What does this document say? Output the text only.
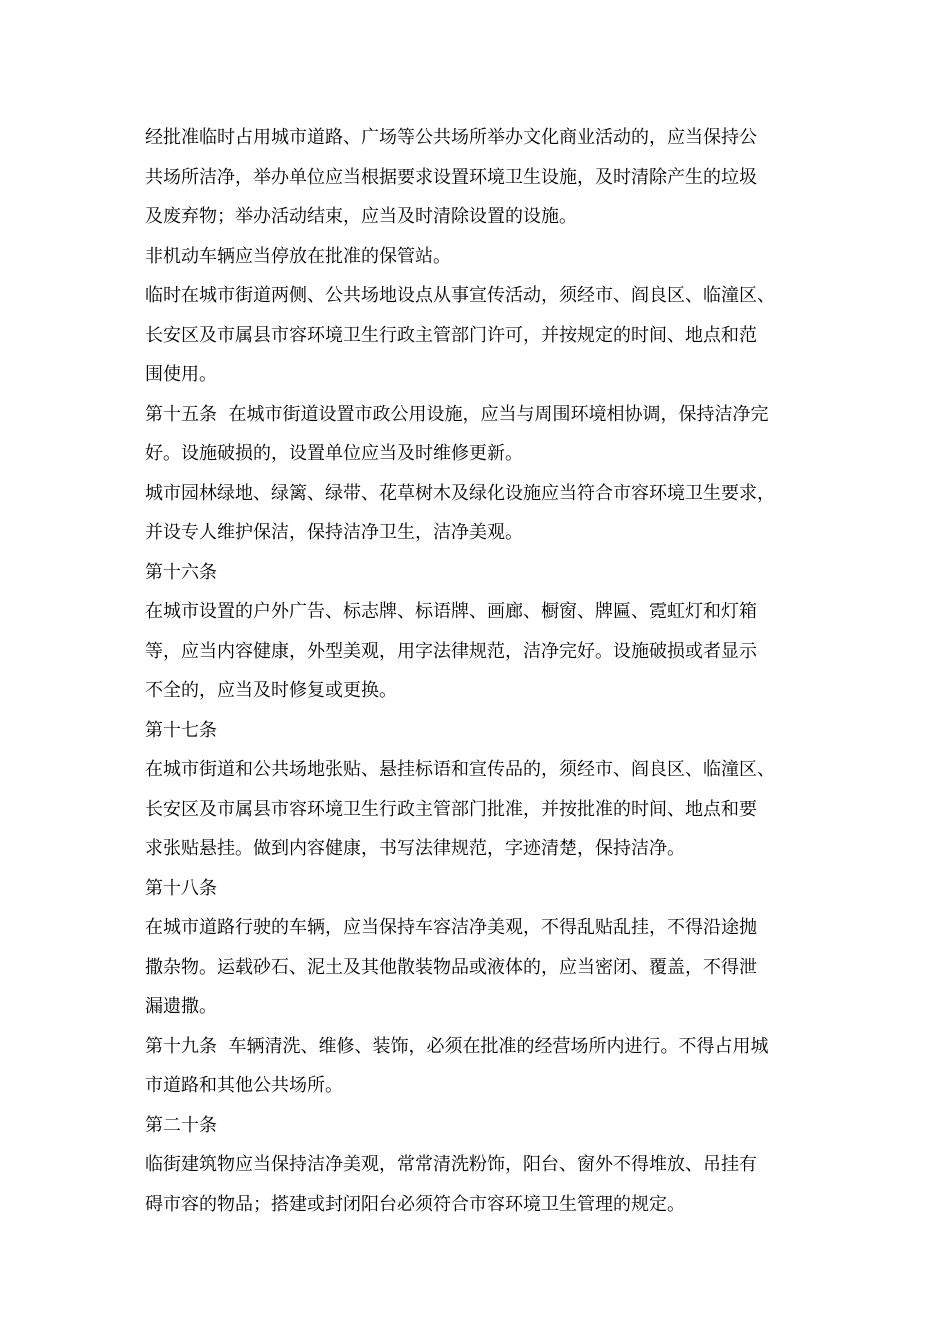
经批准临时占用城市道路、广场等公共场所举办文化商业活动的，应当保持公
共场所洁净，举办单位应当根据要求设置环境卫生设施，及时清除产生的垃圾
及废弃物；举办活动结束，应当及时清除设置的设施。
非机动车辆应当停放在批准的保管站。
临时在城市街道两侧、公共场地设点从事宣传活动，须经市、阎良区、临潼区、
长安区及市属县市容环境卫生行政主管部门许可，并按规定的时间、地点和范
围使用。
第十五条  在城市街道设置市政公用设施，应当与周围环境相协调，保持洁净完
好。设施破损的，设置单位应当及时维修更新。
城市园林绿地、绿篱、绿带、花草树木及绿化设施应当符合市容环境卫生要求，
并设专人维护保洁，保持洁净卫生，洁净美观。
第十六条
在城市设置的户外广告、标志牌、标语牌、画廊、橱窗、牌匾、霓虹灯和灯箱
等，应当内容健康，外型美观，用字法律规范，洁净完好。设施破损或者显示
不全的，应当及时修复或更换。
第十七条
在城市街道和公共场地张贴、悬挂标语和宣传品的，须经市、阎良区、临潼区、
长安区及市属县市容环境卫生行政主管部门批准，并按批准的时间、地点和要
求张贴悬挂。做到内容健康，书写法律规范，字迹清楚，保持洁净。
第十八条
在城市道路行驶的车辆，应当保持车容洁净美观，不得乱贴乱挂，不得沿途抛
撒杂物。运载砂石、泥土及其他散装物品或液体的，应当密闭、覆盖，不得泄
漏遗撒。
第十九条  车辆清洗、维修、装饰，必须在批准的经营场所内进行。不得占用城
市道路和其他公共场所。
第二十条
临街建筑物应当保持洁净美观，常常清洗粉饰，阳台、窗外不得堆放、吊挂有
碍市容的物品；搭建或封闭阳台必须符合市容环境卫生管理的规定。
